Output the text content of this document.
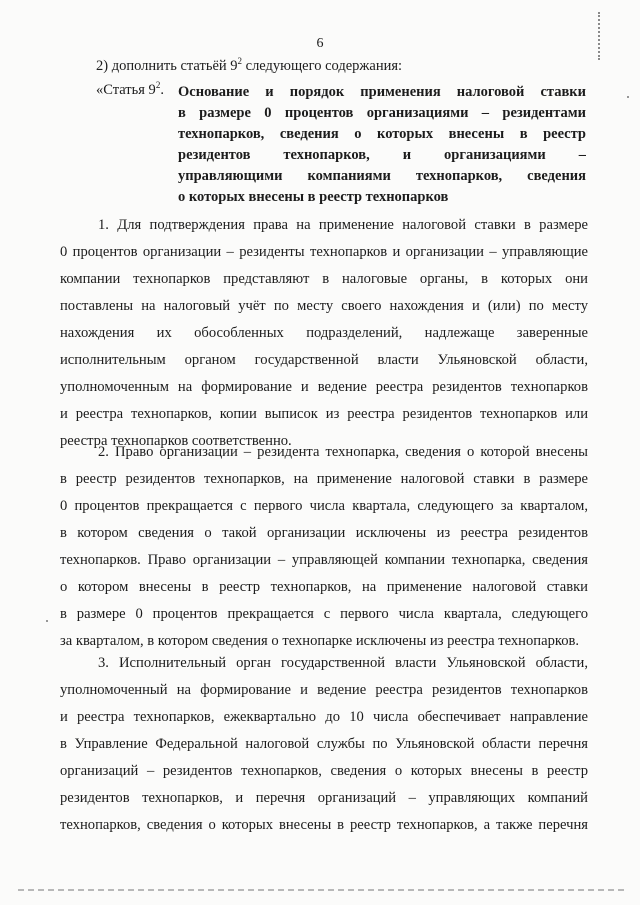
6
2) дополнить статьёй $9^2$ следующего содержания:
«Статья $9^2$. Основание и порядок применения налоговой ставки
в размере 0 процентов организациями – резидентами
технопарков, сведения о которых внесены в реестр
резидентов технопарков, и организациями –
управляющими компаниями технопарков, сведения
о которых внесены в реестр технопарков
1. Для подтверждения права на применение налоговой ставки в размере
0 процентов организации – резиденты технопарков и организации – управляющие
компании технопарков представляют в налоговые органы, в которых они
поставлены на налоговый учёт по месту своего нахождения и (или) по месту
нахождения их обособленных подразделений, надлежаще заверенные
исполнительным органом государственной власти Ульяновской области,
уполномоченным на формирование и ведение реестра резидентов технопарков
и реестра технопарков, копии выписок из реестра резидентов технопарков или
реестра технопарков соответственно.
2. Право организации – резидента технопарка, сведения о которой внесены
в реестр резидентов технопарков, на применение налоговой ставки в размере
0 процентов прекращается с первого числа квартала, следующего за кварталом,
в котором сведения о такой организации исключены из реестра резидентов
технопарков. Право организации – управляющей компании технопарка, сведения
о котором внесены в реестр технопарков, на применение налоговой ставки
в размере 0 процентов прекращается с первого числа квартала, следующего
за кварталом, в котором сведения о технопарке исключены из реестра технопарков.
3. Исполнительный орган государственной власти Ульяновской области,
уполномоченный на формирование и ведение реестра резидентов технопарков
и реестра технопарков, ежеквартально до 10 числа обеспечивает направление
в Управление Федеральной налоговой службы по Ульяновской области перечня
организаций – резидентов технопарков, сведения о которых внесены в реестр
резидентов технопарков, и перечня организаций – управляющих компаний
технопарков, сведения о которых внесены в реестр технопарков, а также перечня
